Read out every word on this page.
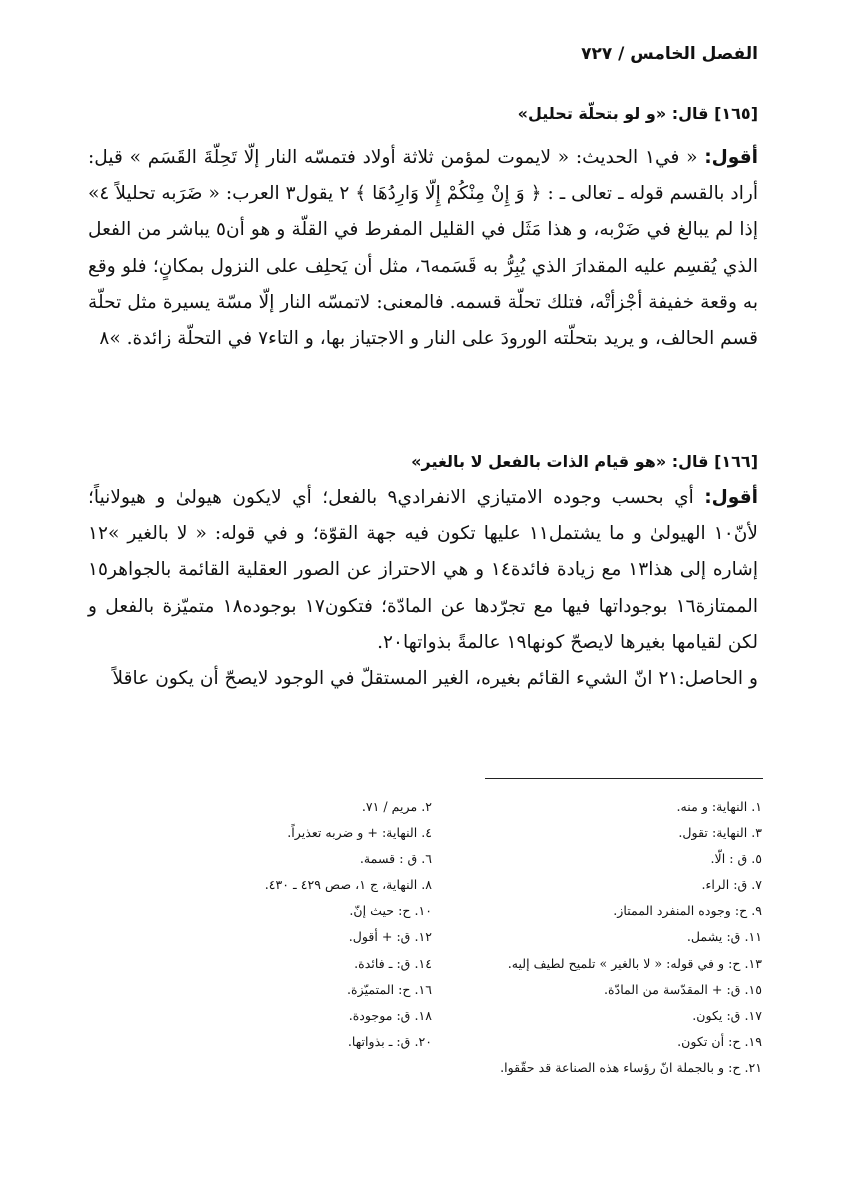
الفصل الخامس / ٧٢٧
[١٦٥] قال: «و لو بتحلّة تحليل»

أقول: « في١ الحديث: « لايموت لمؤمن ثلاثة أولاد فتمسّه النار إلّا تَحِلّةَ القَسَم » قيل: أراد بالقسم قوله ـ تعالى ـ : ﴿ وَ إِنْ مِنْكُمْ إِلّا وَارِدُهَا ﴾ ٢ يقول٣ العرب: « ضَرَبه تحليلاً ٤» إذا لم يبالغ في ضَرْبه، و هذا مَثَل في القليل المفرط في القلّة و هو أن٥ يباشر من الفعل الذي يُقسِم عليه المقدارَ الذي يُبِرُّ به قَسَمه٦، مثل أن يَحلِف على النزول بمكانٍ؛ فلو وقع به وقعة خفيفة أجْزأتْه، فتلك تحلّة قسمه. فالمعنى: لاتمسّه النار إلّا مسّة يسيرة مثل تحلّة قسم الحالف، و يريد بتحلّته الورودَ على النار و الاجتياز بها، و التاء٧ في التحلّة زائدة. »٨

[١٦٦] قال: «هو قيام الذات بالفعل لا بالغير»

أقول: أي بحسب وجوده الامتيازي الانفرادي٩ بالفعل؛ أي لايكون هيولىٰ و هيولانياً؛ لأنّ١٠ الهيولىٰ و ما يشتمل١١ عليها تكون فيه جهة القوّة؛ و في قوله: « لا بالغير »١٢ إشاره إلى هذا١٣ مع زيادة فائدة١٤ و هي الاحتراز عن الصور العقلية القائمة بالجواهر١٥ الممتازة١٦ بوجوداتها فيها مع تجرّدها عن المادّة؛ فتكون١٧ بوجوده١٨ متميّزة بالفعل و لكن لقيامها بغيرها لايصحّ كونها١٩ عالمةً بذواتها٢٠.

و الحاصل:٢١ انّ الشيء القائم بغيره، الغير المستقلّ في الوجود لايصحّ أن يكون عاقلاً

١. النهاية: و منه.
٢. مريم / ٧١.
٣. النهاية: تقول.
٤. النهاية: + و ضربه تعذيراً.
٥. ق : الّا.
٦. ق : قسمة.
٧. ق: الراء.
٨. النهاية، ج ١، صص ٤٢٩ ـ ٤٣٠.
٩. ح: وجوده المنفرد الممتاز.
١٠. ح: حيث إنّ.
١١. ق: يشمل.
١٢. ق: + أقول.
١٣. ح: و في قوله: « لا بالغير » تلميح لطيف إليه.
١٤. ق: ـ فائدة.
١٥. ق: + المقدّسة من المادّة.
١٦. ح: المتميّزة.
١٧. ق: يكون.
١٨. ق: موجودة.
١٩. ح: أن تكون.
٢٠. ق: ـ بذواتها.
٢١. ح: و بالجملة انّ رؤساء هذه الصناعة قد حقّقوا.
